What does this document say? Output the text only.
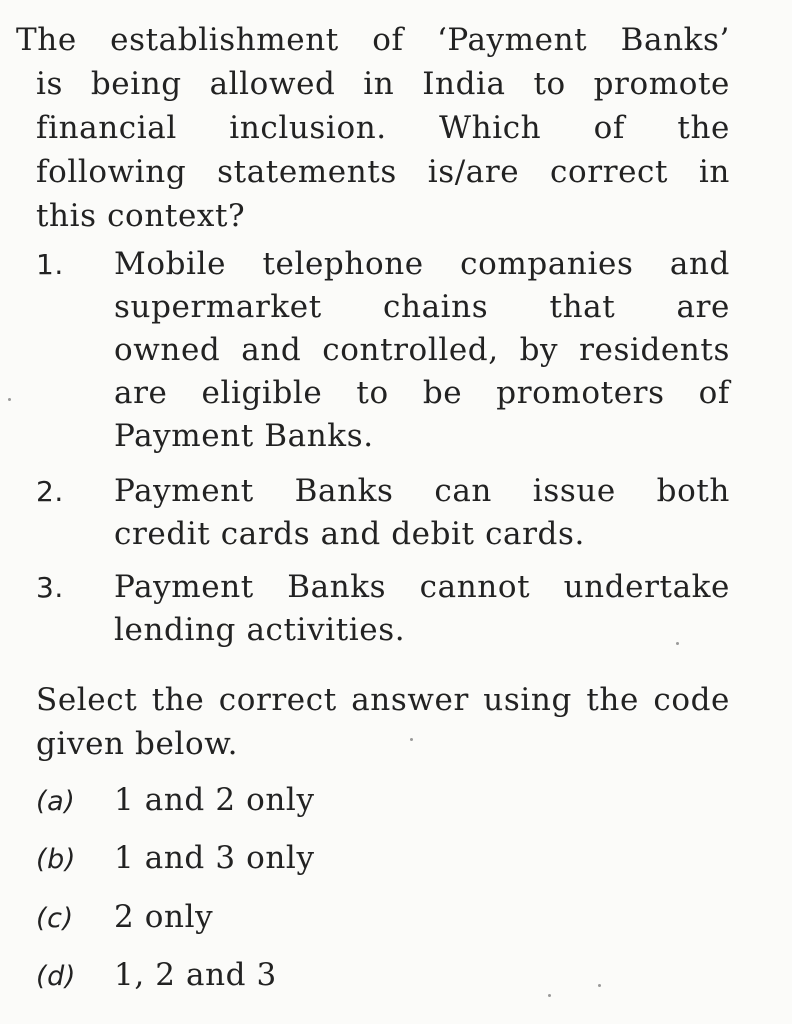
The establishment of ‘Payment Banks’
is being allowed in India to promote
financial inclusion. Which of the
following statements is/are correct in
this context?
1.	Mobile telephone companies and
supermarket chains that are
owned and controlled, by residents
are eligible to be promoters of
Payment Banks.
2.	Payment Banks can issue both
credit cards and debit cards.
3.	Payment Banks cannot undertake
lending activities.
Select the correct answer using the code
given below.
(a) 1 and 2 only
(b) 1 and 3 only
(c) 2 only
(d) 1, 2 and 3
